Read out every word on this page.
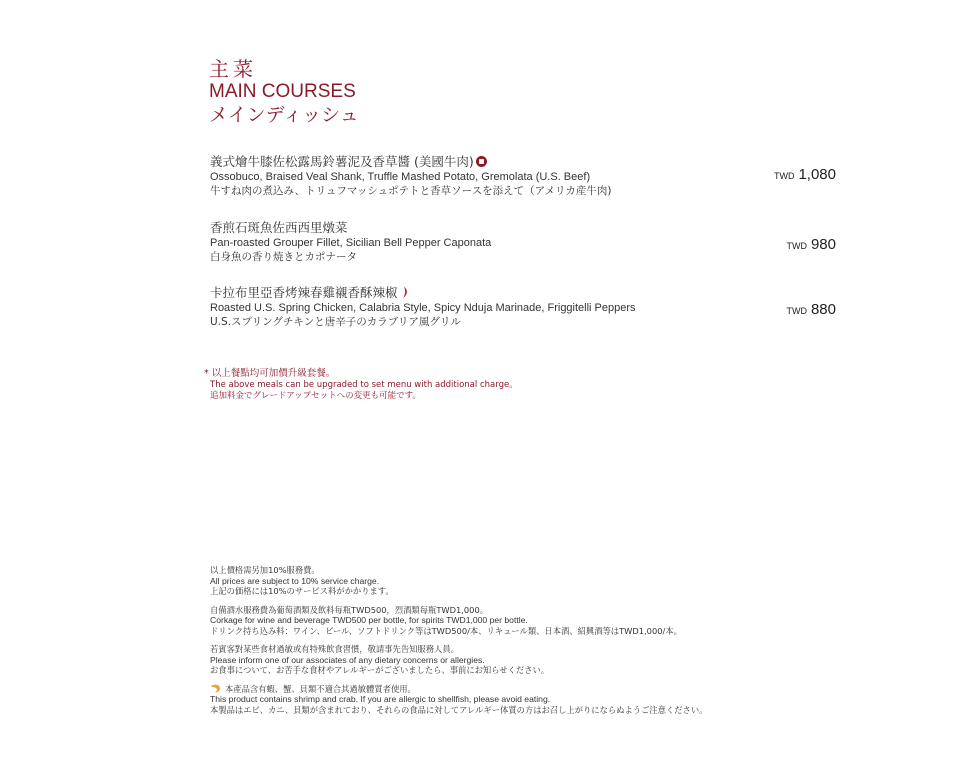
主菜
MAIN COURSES
メインディッシュ
義式燴牛膝佐松露馬鈴薯泥及香草醬 (美國牛肉)
Ossobuco, Braised Veal Shank, Truffle Mashed Potato, Gremolata (U.S. Beef)
牛すね肉の煮込み、トリュフマッシュポテトと香草ソースを添えて（アメリカ産牛肉)
TWD 1,080
香煎石斑魚佐西西里燉菜
Pan-roasted Grouper Fillet, Sicilian Bell Pepper Caponata
白身魚の香り焼きとカポナータ
TWD 980
卡拉布里亞香烤辣春雞襯香酥辣椒
Roasted U.S. Spring Chicken, Calabria Style, Spicy Nduja Marinade, Friggitelli Peppers
U.S.スプリングチキンと唐辛子のカラブリア風グリル
TWD 880
* 以上餐點均可加價升級套餐。
The above meals can be upgraded to set menu with additional charge。
追加料金でグレードアップセットへの変更も可能です。
以上價格需另加10%服務費。
All prices are subject to 10% service charge.
上記の価格には10%のサービス料がかかります。
自備酒水服務費為葡萄酒類及飲料每瓶TWD500，烈酒類每瓶TWD1,000。
Corkage for wine and beverage TWD500 per bottle, for spirits TWD1,000 per bottle.
ドリンク持ち込み料：ワイン、ビール、ソフトドリンク等はTWD500/本、リキュール類、日本酒、紹興酒等はTWD1,000/本。
若賓客對某些食材過敏或有特殊飲食習慣，敬請事先告知服務人員。
Please inform one of our associates of any dietary concerns or allergies.
お食事について、お苦手な食材やアレルギーがございましたら、事前にお知らせください。
本產品含有蝦、蟹、貝類不適合其過敏體質者使用。
This product contains shrimp and crab. If you are allergic to shellfish, please avoid eating.
本製品はエビ、カニ、貝類が含まれており、それらの食品に対してアレルギー体質の方はお召し上がりにならぬようご注意ください。
